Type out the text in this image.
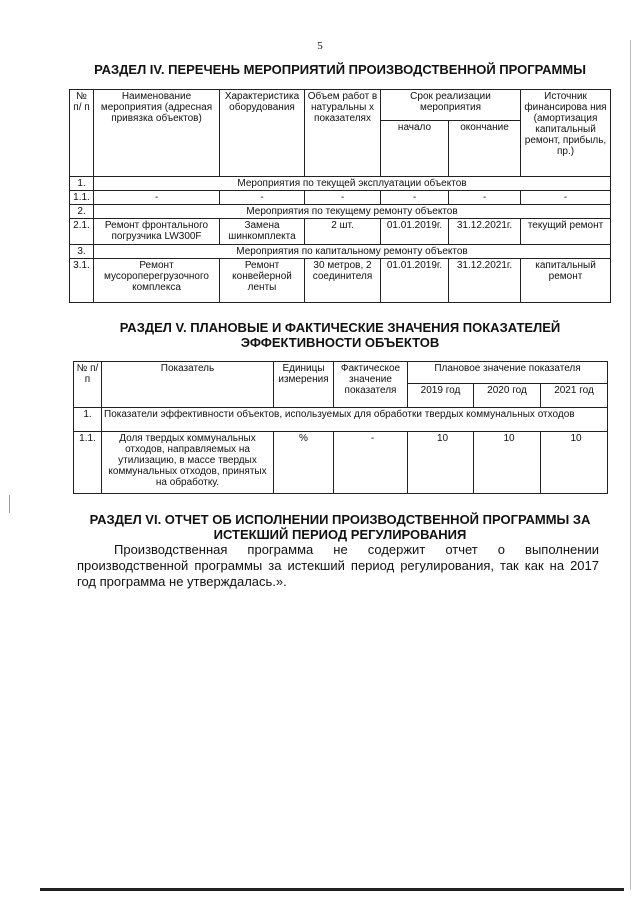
5
РАЗДЕЛ IV. ПЕРЕЧЕНЬ МЕРОПРИЯТИЙ ПРОИЗВОДСТВЕННОЙ ПРОГРАММЫ
№ п/ п	Наименование мероприятия (адресная привязка объектов)	Характеристика оборудования	Объем работ в натуральны х показателях	Срок реализации мероприятия		Источник финансирова ния (амортизация капитальный ремонт, прибыль, пр.)
				начало	окончание	
1.	Мероприятия по текущей эксплуатации объектов					
1.1.	-	-	-	-	-	-
2.	Мероприятия по текущему ремонту объектов					
2.1.	Ремонт фронтального погрузчика LW300F	Замена шинкомплекта	2 шт.	01.01.2019г.	31.12.2021г.	текущий ремонт
3.	Мероприятия по капитальному ремонту объектов					
3.1.	Ремонт мусороперегрузочного комплекса	Ремонт конвейерной ленты	30 метров, 2 соединителя	01.01.2019г.	31.12.2021г.	капитальный ремонт
РАЗДЕЛ V. ПЛАНОВЫЕ И ФАКТИЧЕСКИЕ ЗНАЧЕНИЯ ПОКАЗАТЕЛЕЙ ЭФФЕКТИВНОСТИ ОБЪЕКТОВ
№ п/п	Показатель	Единицы измерения	Фактическое значение показателя	Плановое значение показателя		
				2019 год	2020 год	2021 год
1.	Показатели эффективности объектов, используемых для обработки твердых коммунальных отходов					
1.1.	Доля твердых коммунальных отходов, направляемых на утилизацию, в массе твердых коммунальных отходов, принятых на обработку.	%	-	10	10	10
РАЗДЕЛ VI. ОТЧЕТ ОБ ИСПОЛНЕНИИ ПРОИЗВОДСТВЕННОЙ ПРОГРАММЫ ЗА ИСТЕКШИЙ ПЕРИОД РЕГУЛИРОВАНИЯ
Производственная программа не содержит отчет о выполнении
производственной программы за истекший период регулирования, так как на 2017 год программа не утверждалась.».
